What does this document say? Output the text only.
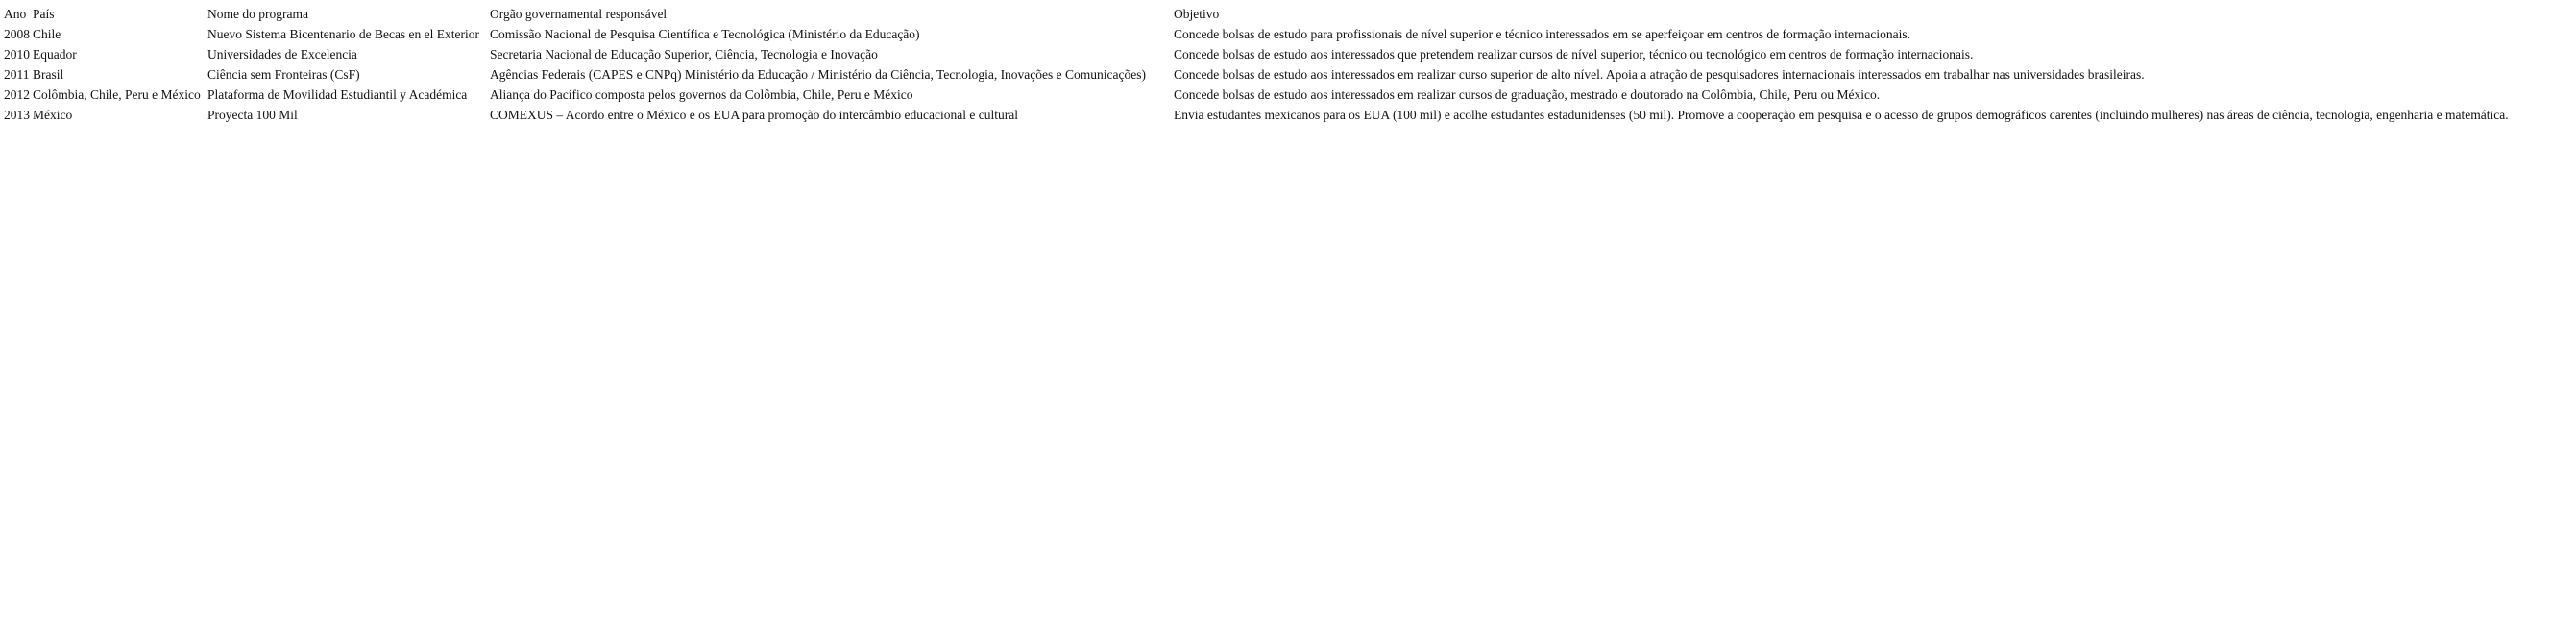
Ano	País	Nome do programa	Orgão governamental responsável	Objetivo
2008	Chile	Nuevo Sistema Bicentenario de Becas en el Exterior	Comissão Nacional de Pesquisa Científica e Tecnológica (Ministério da Educação)	Concede bolsas de estudo para profissionais de nível superior e técnico interessados em se aperfeiçoar em centros de formação internacionais.
2010	Equador	Universidades de Excelencia	Secretaria Nacional de Educação Superior, Ciência, Tecnologia e Inovação	Concede bolsas de estudo aos interessados que pretendem realizar cursos de nível superior, técnico ou tecnológico em centros de formação internacionais.
2011	Brasil	Ciência sem Fronteiras (CsF)	Agências Federais (CAPES e CNPq) Ministério da Educação / Ministério da Ciência, Tecnologia, Inovações e Comunicações)	Concede bolsas de estudo aos interessados em realizar curso superior de alto nível. Apoia a atração de pesquisadores internacionais interessados em trabalhar nas universidades brasileiras.
2012	Colômbia, Chile, Peru e México	Plataforma de Movilidad Estudiantil y Académica	Aliança do Pacífico composta pelos governos da Colômbia, Chile, Peru e México	Concede bolsas de estudo aos interessados em realizar cursos de graduação, mestrado e doutorado na Colômbia, Chile, Peru ou México.
2013	México	Proyecta 100 Mil	COMEXUS – Acordo entre o México e os EUA para promoção do intercâmbio educacional e cultural	Envia estudantes mexicanos para os EUA (100 mil) e acolhe estudantes estadunidenses (50 mil). Promove a cooperação em pesquisa e o acesso de grupos demográficos carentes (incluindo mulheres) nas áreas de ciência, tecnologia, engenharia e matemática.
